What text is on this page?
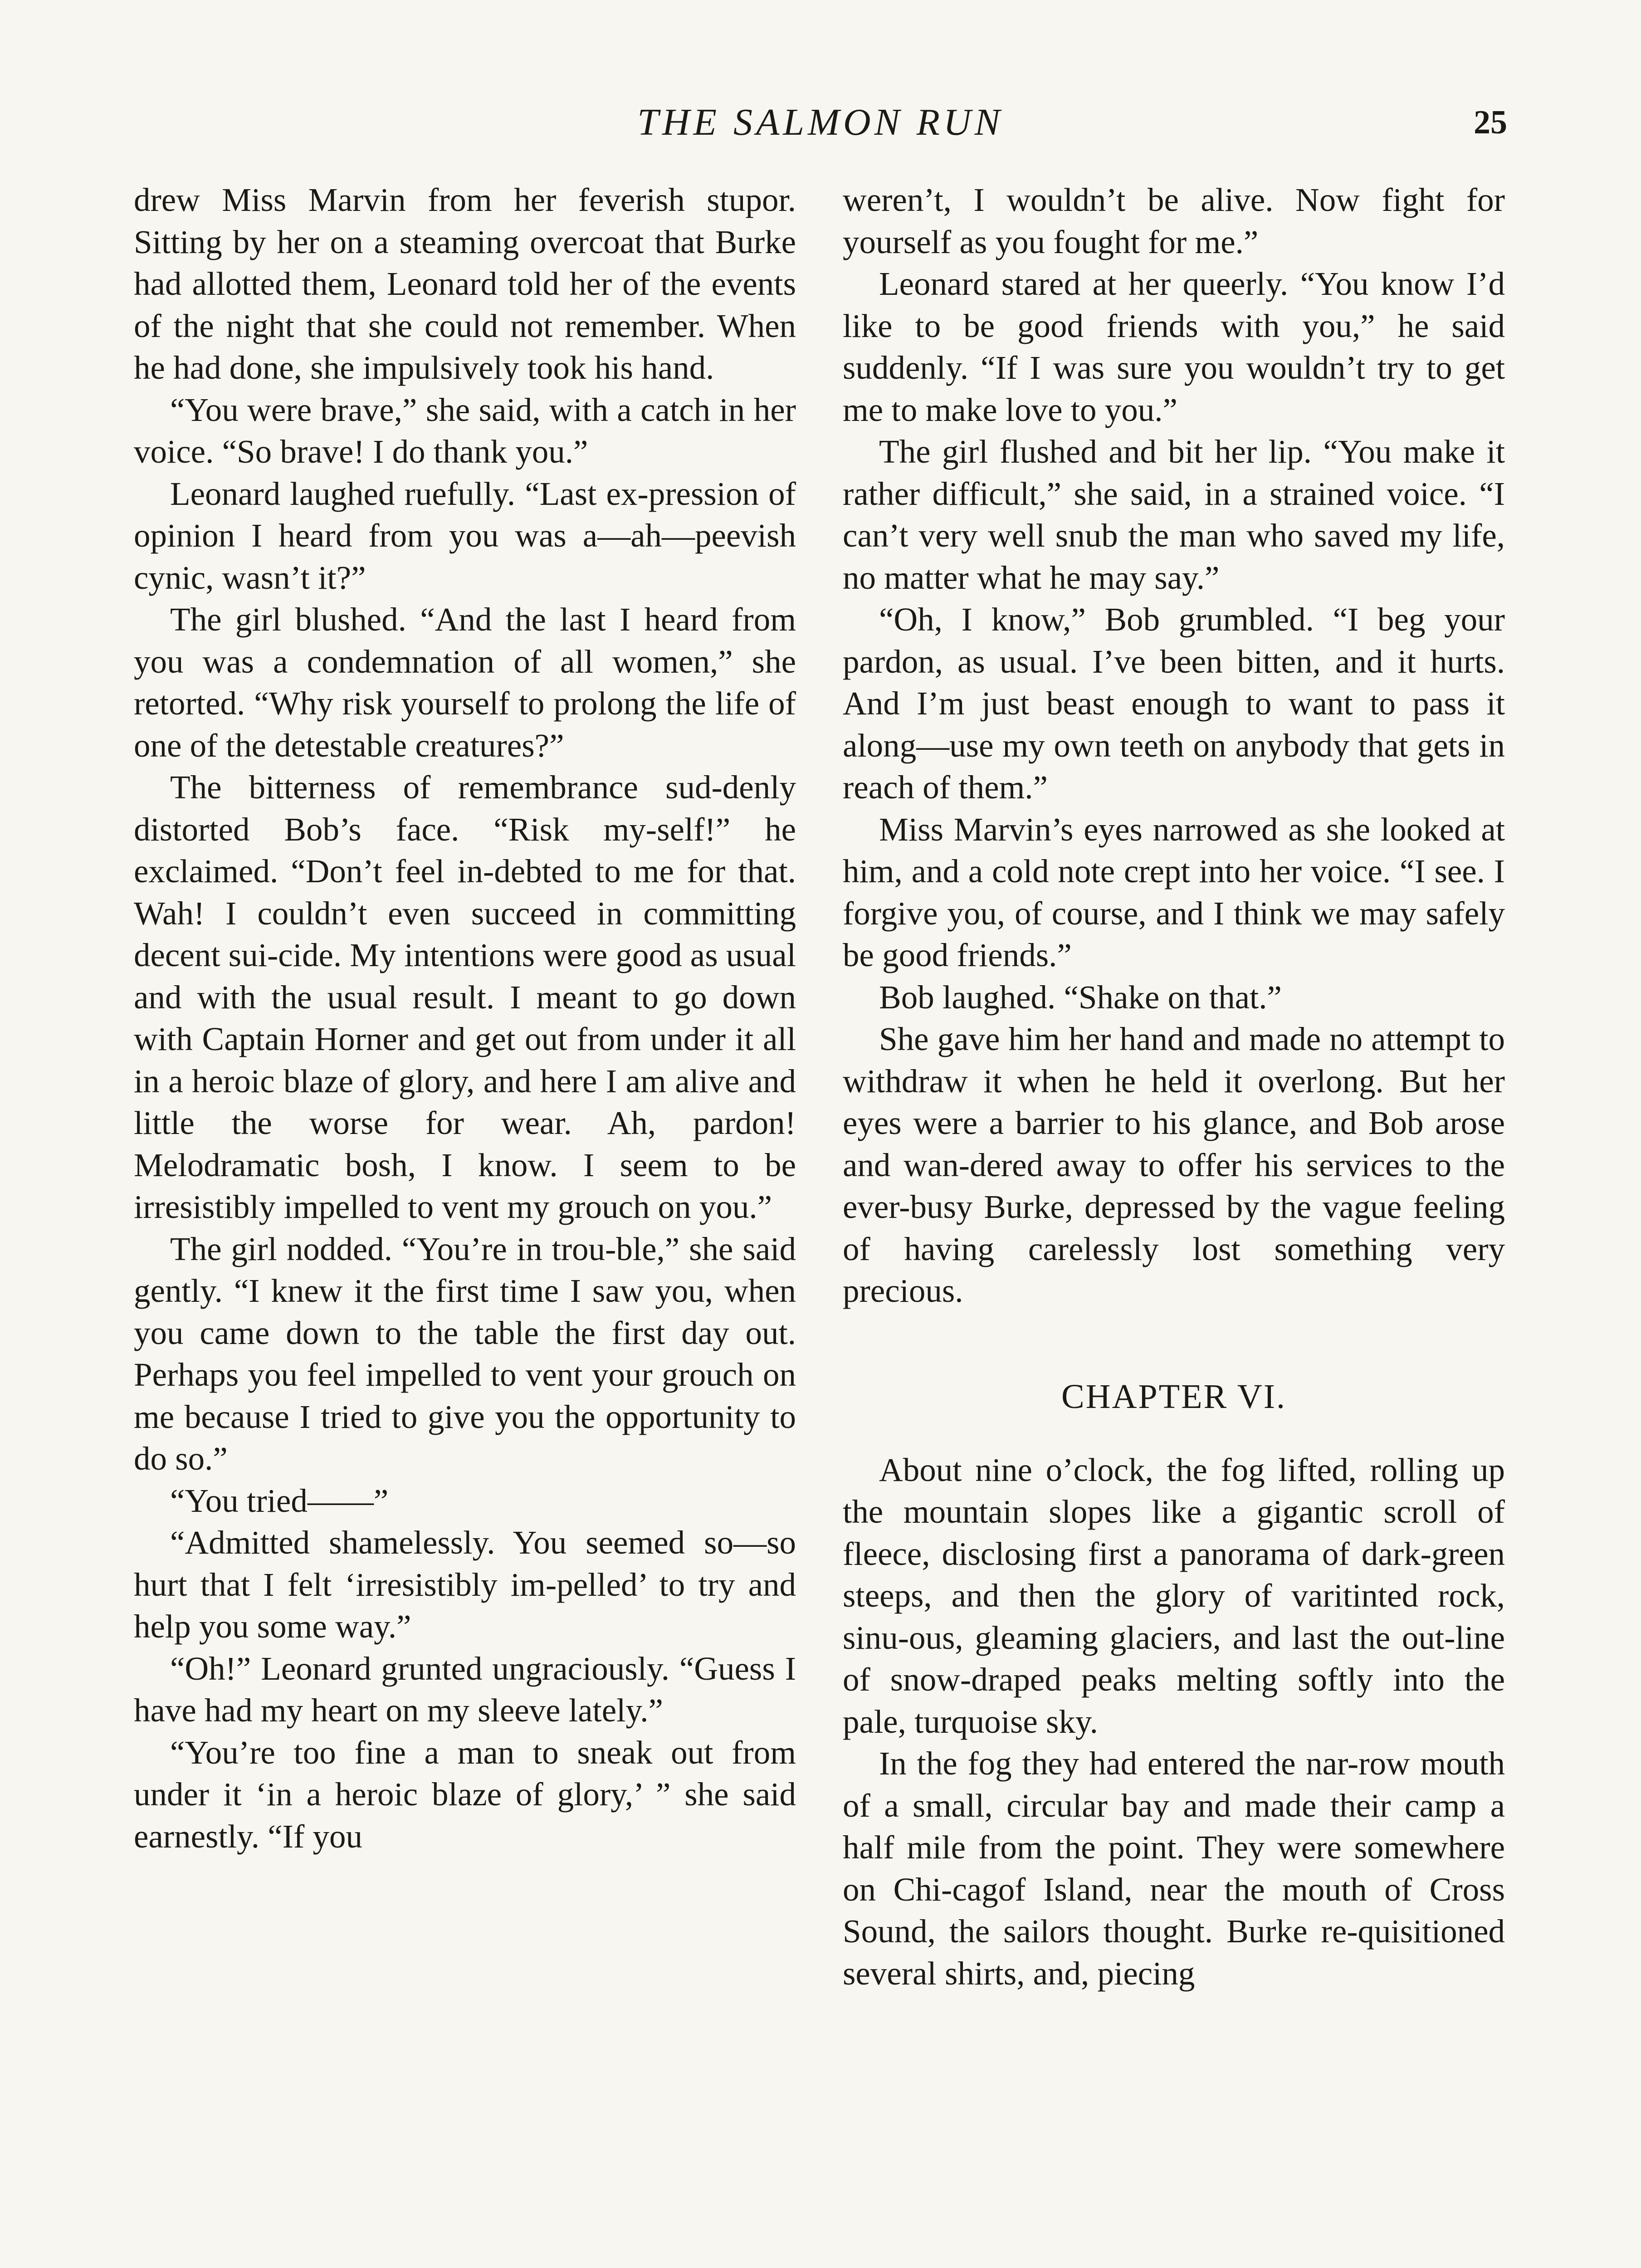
THE SALMON RUN	25

drew Miss Marvin from her feverish stupor. Sitting by her on a steaming overcoat that Burke had allotted them, Leonard told her of the events of the night that she could not remember. When he had done, she impulsively took his hand.

“You were brave,” she said, with a catch in her voice. “So brave! I do thank you.”

Leonard laughed ruefully. “Last ex-pression of opinion I heard from you was a—ah—peevish cynic, wasn’t it?”

The girl blushed. “And the last I heard from you was a condemnation of all women,” she retorted. “Why risk yourself to prolong the life of one of the detestable creatures?”

The bitterness of remembrance sud-denly distorted Bob’s face. “Risk my-self!” he exclaimed. “Don’t feel in-debted to me for that. Wah! I couldn’t even succeed in committing decent sui-cide. My intentions were good as usual and with the usual result. I meant to go down with Captain Horner and get out from under it all in a heroic blaze of glory, and here I am alive and little the worse for wear. Ah, pardon! Melodramatic bosh, I know. I seem to be irresistibly impelled to vent my grouch on you.”

The girl nodded. “You’re in trou-ble,” she said gently. “I knew it the first time I saw you, when you came down to the table the first day out. Perhaps you feel impelled to vent your grouch on me because I tried to give you the opportunity to do so.”

“You tried——”

“Admitted shamelessly. You seemed so—so hurt that I felt ‘irresistibly im-pelled’ to try and help you some way.”

“Oh!” Leonard grunted ungraciously. “Guess I have had my heart on my sleeve lately.”

“You’re too fine a man to sneak out from under it ‘in a heroic blaze of glory,’ ” she said earnestly. “If you

weren’t, I wouldn’t be alive. Now fight for yourself as you fought for me.”

Leonard stared at her queerly. “You know I’d like to be good friends with you,” he said suddenly. “If I was sure you wouldn’t try to get me to make love to you.”

The girl flushed and bit her lip. “You make it rather difficult,” she said, in a strained voice. “I can’t very well snub the man who saved my life, no matter what he may say.”

“Oh, I know,” Bob grumbled. “I beg your pardon, as usual. I’ve been bitten, and it hurts. And I’m just beast enough to want to pass it along—use my own teeth on anybody that gets in reach of them.”

Miss Marvin’s eyes narrowed as she looked at him, and a cold note crept into her voice. “I see. I forgive you, of course, and I think we may safely be good friends.”

Bob laughed. “Shake on that.”

She gave him her hand and made no attempt to withdraw it when he held it overlong. But her eyes were a barrier to his glance, and Bob arose and wan-dered away to offer his services to the ever-busy Burke, depressed by the vague feeling of having carelessly lost something very precious.

CHAPTER VI.

About nine o’clock, the fog lifted, rolling up the mountain slopes like a gigantic scroll of fleece, disclosing first a panorama of dark-green steeps, and then the glory of varitinted rock, sinu-ous, gleaming glaciers, and last the out-line of snow-draped peaks melting softly into the pale, turquoise sky.

In the fog they had entered the nar-row mouth of a small, circular bay and made their camp a half mile from the point. They were somewhere on Chi-cagof Island, near the mouth of Cross Sound, the sailors thought. Burke re-quisitioned several shirts, and, piecing
